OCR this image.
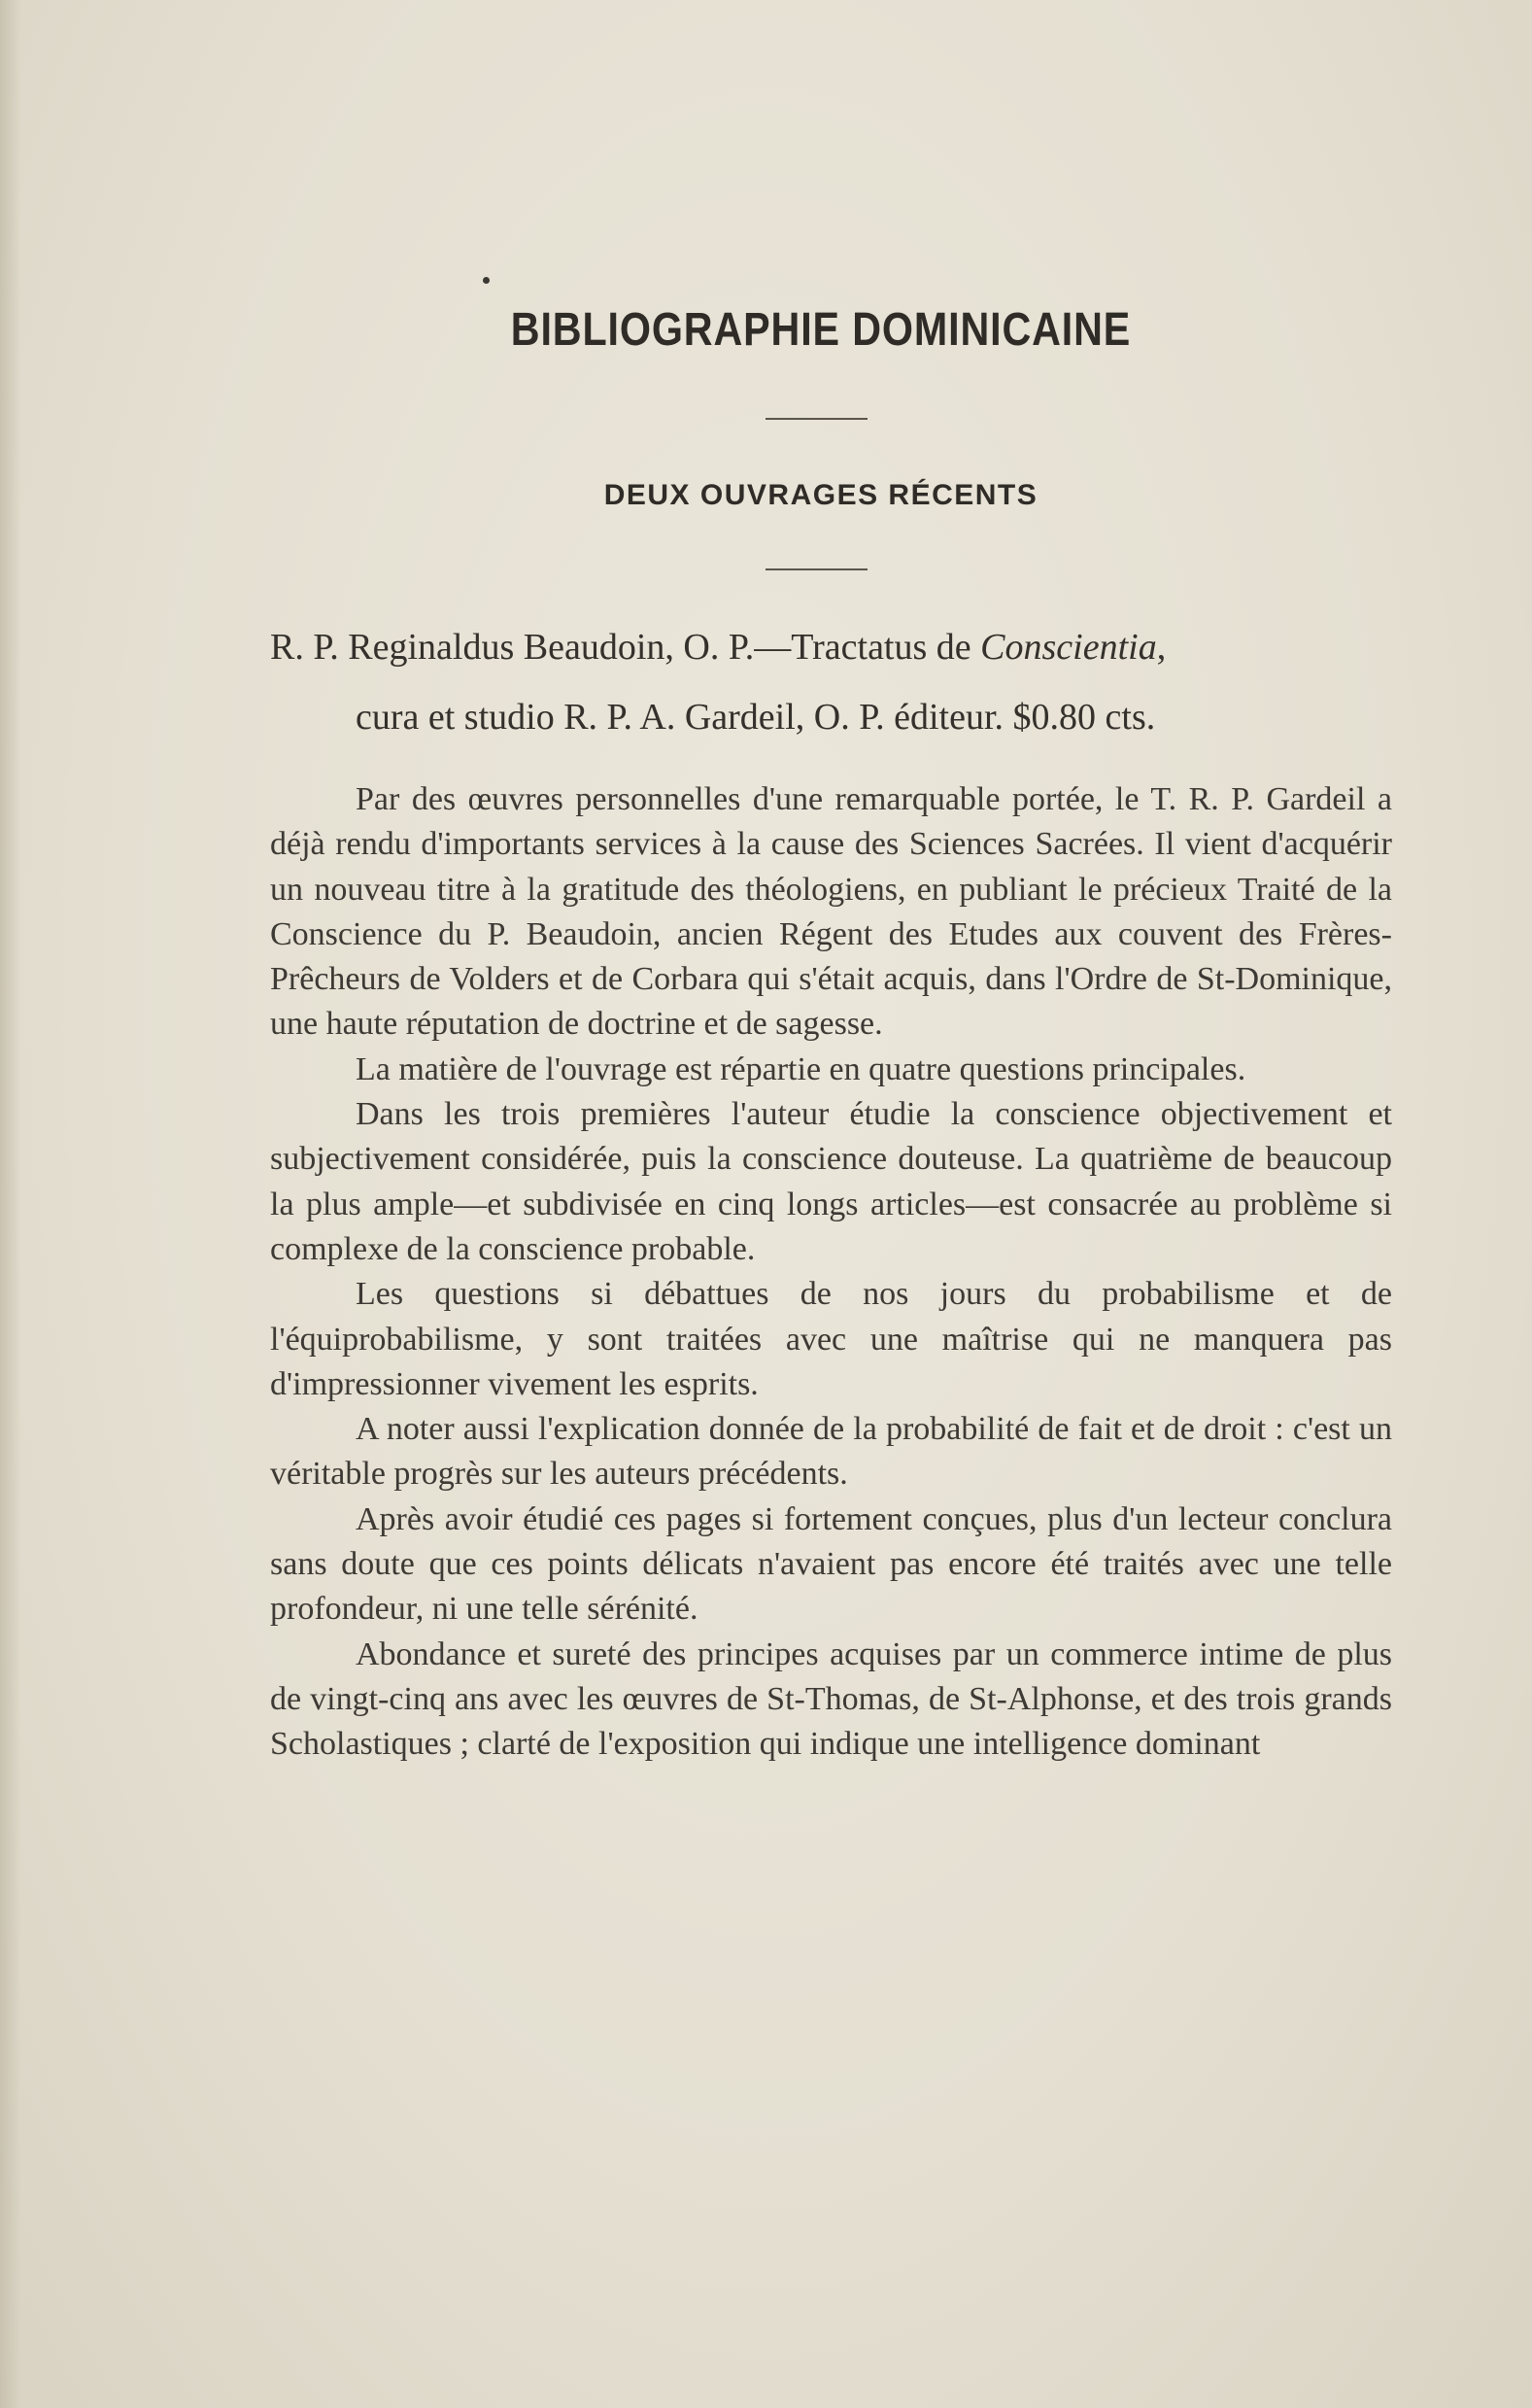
BIBLIOGRAPHIE DOMINICAINE
DEUX OUVRAGES RÉCENTS
R. P. Reginaldus Beaudoin, O. P.—Tractatus de Conscientia,
cura et studio R. P. A. Gardeil, O. P. éditeur. $0.80 cts.

Par des œuvres personnelles d'une remarquable portée, le T. R. P. Gardeil a déjà rendu d'importants services à la cause des Sciences Sacrées. Il vient d'acquérir un nouveau titre à la gratitude des théologiens, en publiant le précieux Traité de la Conscience du P. Beaudoin, ancien Régent des Etudes aux couvent des Frères-Prêcheurs de Volders et de Corbara qui s'était acquis, dans l'Ordre de St-Dominique, une haute réputation de doctrine et de sagesse.

La matière de l'ouvrage est répartie en quatre questions principales.

Dans les trois premières l'auteur étudie la conscience objectivement et subjectivement considérée, puis la conscience douteuse. La quatrième de beaucoup la plus ample—et subdivisée en cinq longs articles—est consacrée au problème si complexe de la conscience probable.

Les questions si débattues de nos jours du probabilisme et de l'équiprobabilisme, y sont traitées avec une maîtrise qui ne manquera pas d'impressionner vivement les esprits.

A noter aussi l'explication donnée de la probabilité de fait et de droit : c'est un véritable progrès sur les auteurs précédents.

Après avoir étudié ces pages si fortement conçues, plus d'un lecteur conclura sans doute que ces points délicats n'avaient pas encore été traités avec une telle profondeur, ni une telle sérénité.

Abondance et sureté des principes acquises par un commerce intime de plus de vingt-cinq ans avec les œuvres de St-Thomas, de St-Alphonse, et des trois grands Scholastiques ; clarté de l'exposition qui indique une intelligence dominant
